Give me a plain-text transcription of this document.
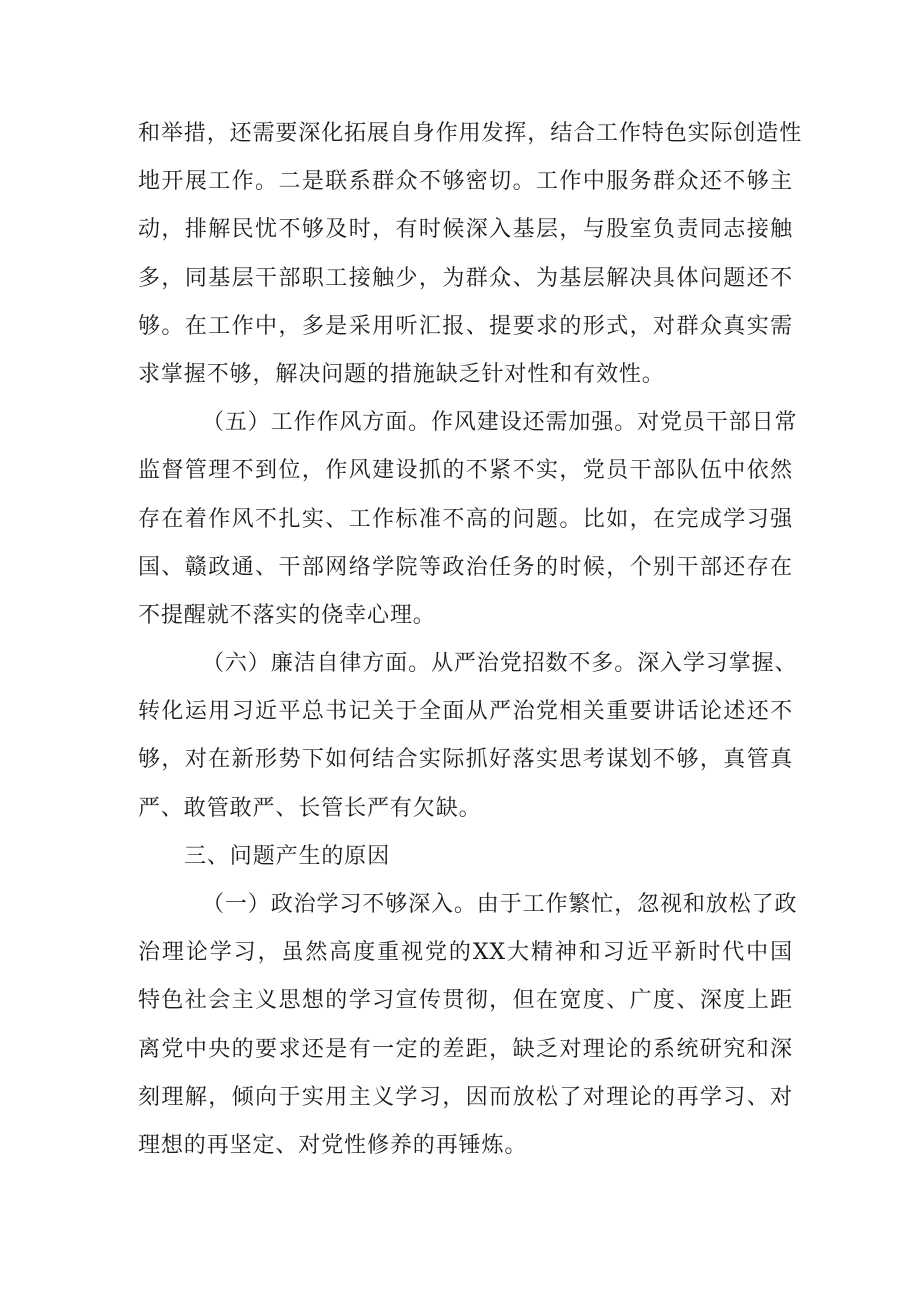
和举措，还需要深化拓展自身作用发挥，结合工作特色实际创造性
地开展工作。二是联系群众不够密切。工作中服务群众还不够主
动，排解民忧不够及时，有时候深入基层，与股室负责同志接触
多，同基层干部职工接触少，为群众、为基层解决具体问题还不
够。在工作中，多是采用听汇报、提要求的形式，对群众真实需
求掌握不够，解决问题的措施缺乏针对性和有效性。
（五）工作作风方面。作风建设还需加强。对党员干部日常
监督管理不到位，作风建设抓的不紧不实，党员干部队伍中依然
存在着作风不扎实、工作标准不高的问题。比如，在完成学习强
国、赣政通、干部网络学院等政治任务的时候，个别干部还存在
不提醒就不落实的侥幸心理。
（六）廉洁自律方面。从严治党招数不多。深入学习掌握、
转化运用习近平总书记关于全面从严治党相关重要讲话论述还不
够，对在新形势下如何结合实际抓好落实思考谋划不够，真管真
严、敢管敢严、长管长严有欠缺。
三、问题产生的原因
（一）政治学习不够深入。由于工作繁忙，忽视和放松了政
治理论学习，虽然高度重视党的XX大精神和习近平新时代中国
特色社会主义思想的学习宣传贯彻，但在宽度、广度、深度上距
离党中央的要求还是有一定的差距，缺乏对理论的系统研究和深
刻理解，倾向于实用主义学习，因而放松了对理论的再学习、对
理想的再坚定、对党性修养的再锤炼。
